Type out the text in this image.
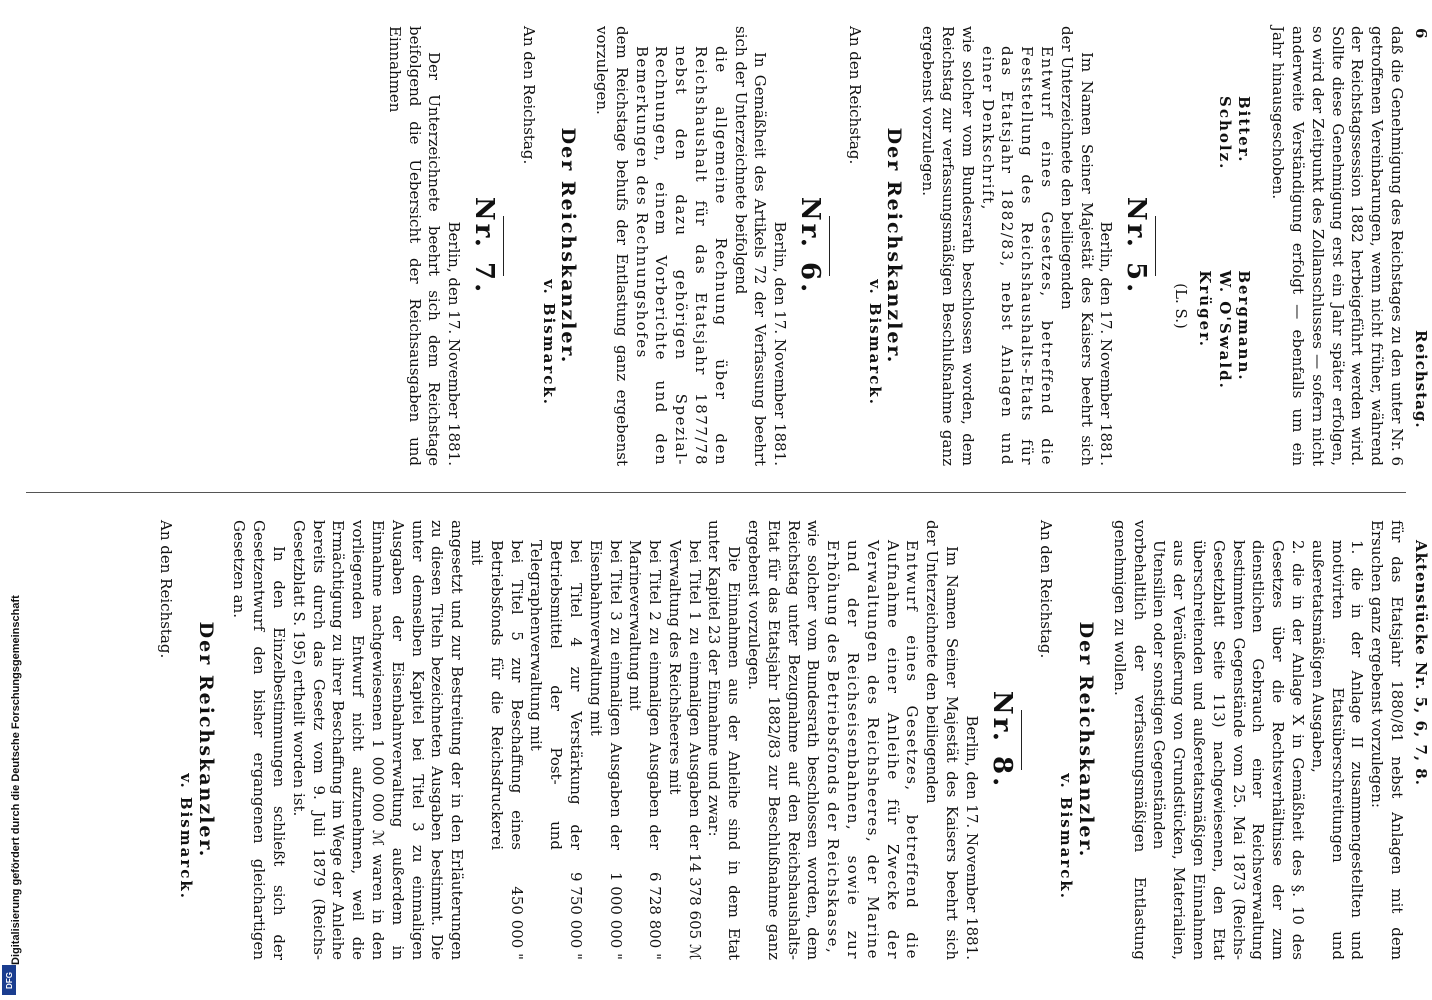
6
Reichstag.
Aktenstücke Nr. 5, 6, 7, 8.

daß die Genehmigung des Reichstages zu den unter Nr. 6 getroffenen Vereinbarungen, wenn nicht früher, während der Reichstagssession 1882 herbeigeführt werden wird. Sollte diese Genehmigung erst ein Jahr später erfolgen, so wird der Zeitpunkt des Zollanschlusses — sofern nicht anderweite Verständigung erfolgt — ebenfalls um ein Jahr hinausgeschoben.

Bitter.
Scholz.
Bergmann.
W. O'Swald.
Krüger.
(L. S.)
Nr. 5.

Berlin, den 17. November 1881.

Im Namen Seiner Majestät des Kaisers beehrt sich der Unterzeichnete den beiliegenden

Entwurf eines Gesetzes, betreffend die Feststellung des Reichshaushalts-Etats für das Etatsjahr 1882/83, nebst Anlagen und einer Denkschrift,

wie solcher vom Bundesrath beschlossen worden, dem Reichstag zur verfassungsmäßigen Beschlußnahme ganz ergebenst vorzulegen.

Der Reichskanzler.
v. Bismarck.

An den Reichstag.

Nr. 6.

Berlin, den 17. November 1881.

In Gemäßheit des Artikels 72 der Verfassung beehrt sich der Unterzeichnete beifolgend

die allgemeine Rechnung über den Reichshaushalt für das Etatsjahr 1877/78 nebst den dazu gehörigen Spezial-Rechnungen, einem Vorberichte und den Bemerkungen des Rechnungshofes

dem Reichstage behufs der Entlastung ganz ergebenst vorzulegen.

Der Reichskanzler.
v. Bismarck.

An den Reichstag.

Nr. 7.

Berlin, den 17. November 1881.

Der Unterzeichnete beehrt sich dem Reichstage beifolgend die Uebersicht der Reichsausgaben und Einnahmen

für das Etatsjahr 1880/81 nebst Anlagen mit dem Ersuchen ganz ergebenst vorzulegen:

1. die in der Anlage II zusammengestellten und motivirten Etatsüberschreitungen und außeretatsmäßigen Ausgaben,

2. die in der Anlage X in Gemäßheit des §. 10 des Gesetzes über die Rechtsverhältnisse der zum dienstlichen Gebrauch einer Reichsverwaltung bestimmten Gegenstände vom 25. Mai 1873 (Reichs-Gesetzblatt Seite 113) nachgewiesenen, den Etat überschreitenden und außeretatsmäßigen Einnahmen aus der Veräußerung von Grundstücken, Materialien, Utensilien oder sonstigen Gegenständen

vorbehaltlich der verfassungsmäßigen Entlastung genehmigen zu wollen.

Der Reichskanzler.
v. Bismarck.

An den Reichstag.

Nr. 8.

Berlin, den 17. November 1881.

Im Namen Seiner Majestät des Kaisers beehrt sich der Unterzeichnete den beiliegenden

Entwurf eines Gesetzes, betreffend die Aufnahme einer Anleihe für Zwecke der Verwaltungen des Reichsheeres, der Marine und der Reichseisenbahnen, sowie zur Erhöhung des Betriebsfonds der Reichskasse,

wie solcher vom Bundesrath beschlossen worden, dem Reichstag unter Bezugnahme auf den Reichshaushalts-Etat für das Etatsjahr 1882/83 zur Beschlußnahme ganz ergebenst vorzulegen.

Die Einnahmen aus der Anleihe sind in dem Etat unter Kapitel 23 der Einnahme und zwar:

bei Titel 1 zu einmaligen Ausgaben der Verwaltung des Reichsheeres mit
14 378 605 ℳ
bei Titel 2 zu einmaligen Ausgaben der Marineverwaltung mit
6 728 800 "
bei Titel 3 zu einmaligen Ausgaben der Eisenbahnverwaltung mit
1 000 000 "
bei Titel 4 zur Verstärkung der Betriebsmittel der Post- und Telegraphenverwaltung mit
9 750 000 "
bei Titel 5 zur Beschaffung eines Betriebsfonds für die Reichsdruckerei mit
450 000 "

angesetzt und zur Bestreitung der in den Erläuterungen zu diesen Titeln bezeichneten Ausgaben bestimmt. Die unter demselben Kapitel bei Titel 3 zu einmaligen Ausgaben der Eisenbahnverwaltung außerdem in Einnahme nachgewiesenen 1 000 000 ℳ waren in den vorliegenden Entwurf nicht aufzunehmen, weil die Ermächtigung zu ihrer Beschaffung im Wege der Anleihe bereits durch das Gesetz vom 9. Juli 1879 (Reichs-Gesetzblatt S. 195) ertheilt worden ist.

In den Einzelbestimmungen schließt sich der Gesetzentwurf den bisher ergangenen gleichartigen Gesetzen an.

Der Reichskanzler.
v. Bismarck.

An den Reichstag.

Digitalisierung gefördert durch die Deutsche Forschungsgemeinschaft
DFG
